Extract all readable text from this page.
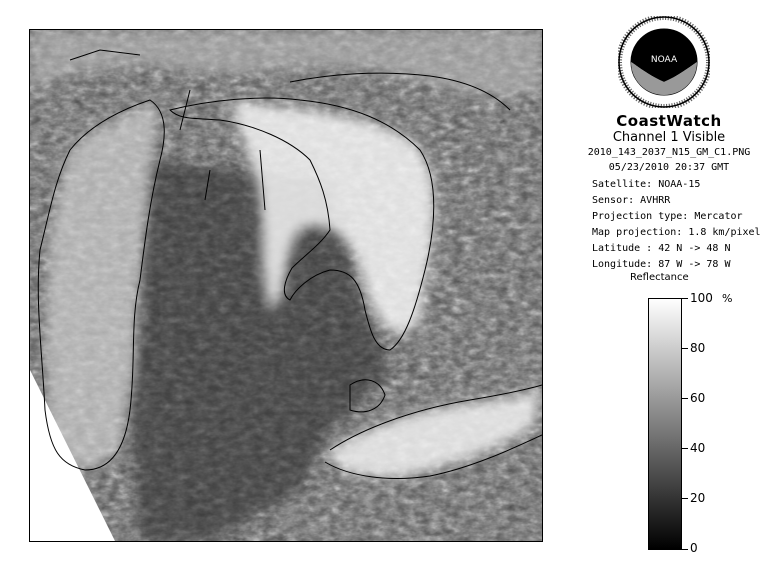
NOAA
CoastWatch
Channel 1 Visible
2010_143_2037_N15_GM_C1.PNG
05/23/2010 20:37 GMT
Satellite: NOAA-15
Sensor: AVHRR
Projection type: Mercator
Map projection: 1.8 km/pixel
Latitude : 42 N -> 48 N
Longitude: 87 W -> 78 W
Reflectance
%
100
80
60
40
20
0
